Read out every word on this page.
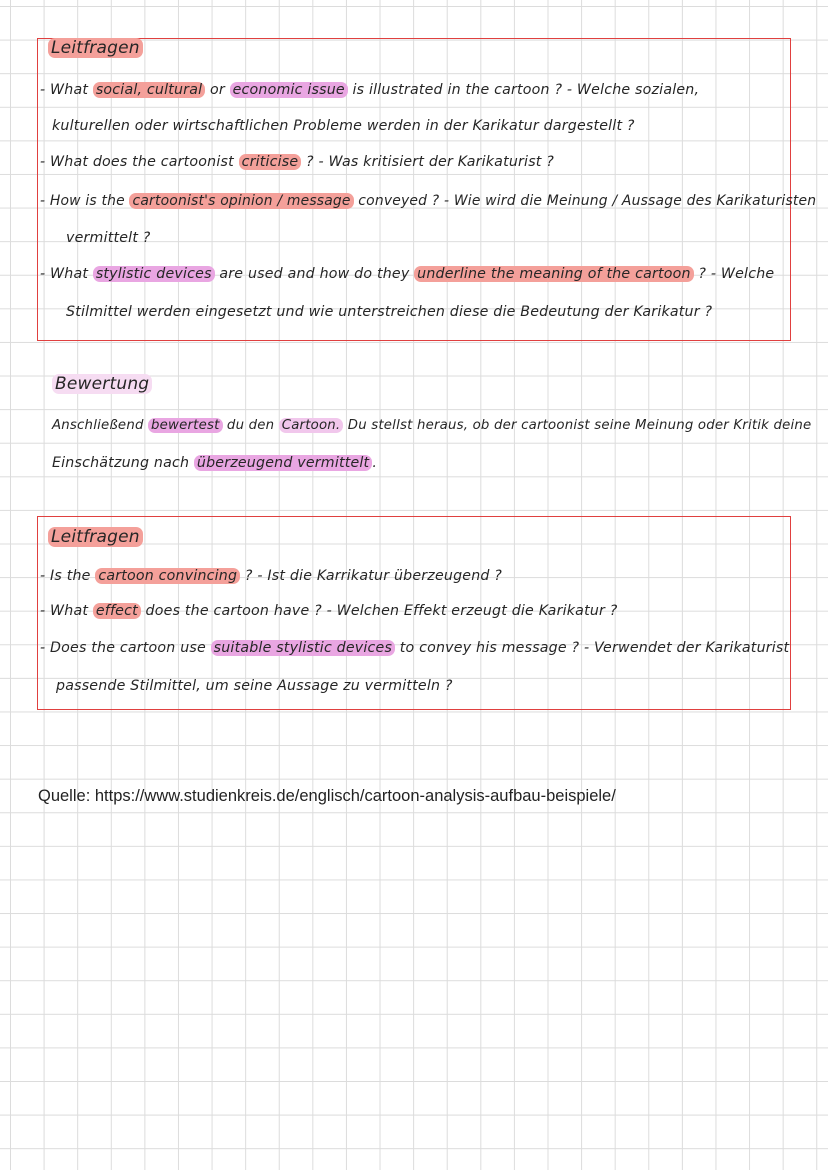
Leitfragen
- What social, cultural or economic issue is illustrated in the cartoon ? - Welche sozialen,
kulturellen oder wirtschaftlichen Probleme werden in der Karikatur dargestellt ?
- What does the cartoonist criticise ? - Was kritisiert der Karikaturist ?
- How is the cartoonist's opinion / message conveyed ? - Wie wird die Meinung / Aussage des Karikaturisten
vermittelt ?
- What stylistic devices are used and how do they underline the meaning of the cartoon ? - Welche
Stilmittel werden eingesetzt und wie unterstreichen diese die Bedeutung der Karikatur ?
Bewertung
Anschließend bewertest du den Cartoon. Du stellst heraus, ob der cartoonist seine Meinung oder Kritik deine
Einschätzung nach überzeugend vermittelt .
Leitfragen
- Is the cartoon convincing ? - Ist die Karrikatur überzeugend ?
- What effect does the cartoon have ? - Welchen Effekt erzeugt die Karikatur ?
- Does the cartoon use suitable stylistic devices to convey his message ? - Verwendet der Karikaturist
passende Stilmittel, um seine Aussage zu vermitteln ?
Quelle: https://www.studienkreis.de/englisch/cartoon-analysis-aufbau-beispiele/
